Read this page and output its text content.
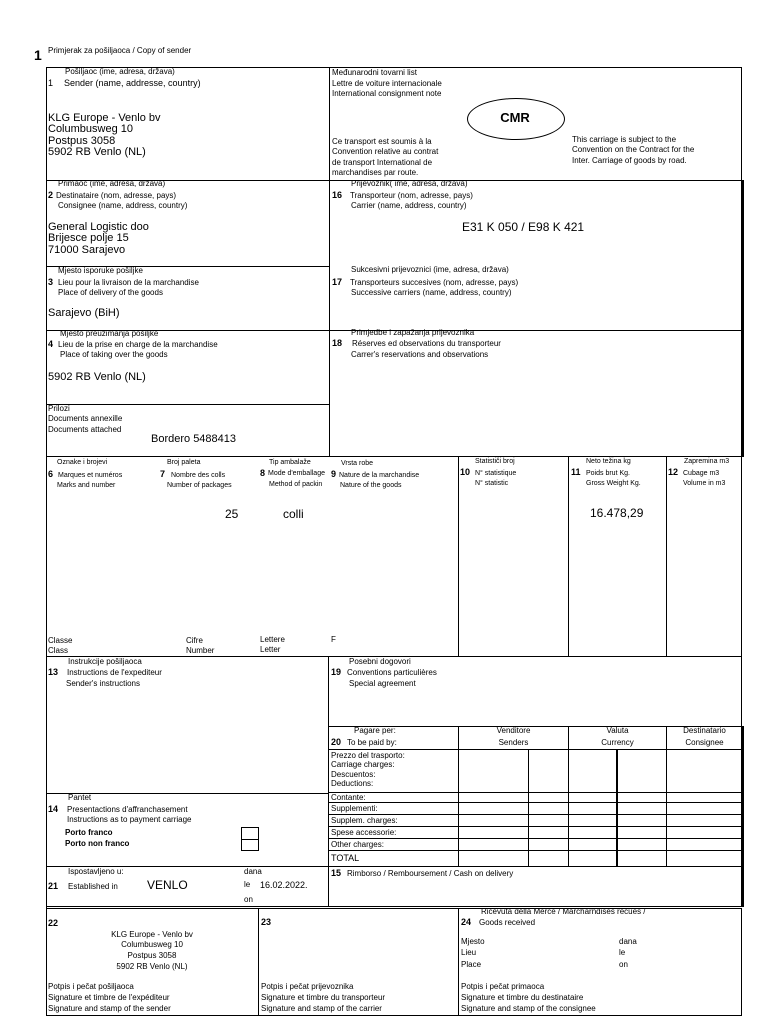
1 Primjerak za pošiljaoca / Copy of sender
Pošiljaoc (ime, adresa, država)
1 Sender (name, addresse, country)
KLG Europe - Venlo bv
Columbusweg 10
Postpus 3058
5902 RB Venlo (NL)
Međunarodni tovarni list
Lettre de voiture internacionale
International consignment note
CMR
Ce transport est soumis à la
Convention relative au contrat
de transport International de
marchandises par route.
This carriage is subject to the
Convention on the Contract for the
Inter. Carriage of goods by road.
Primaoc (ime, adresa, država)
2 Destinataire (nom, adresse, pays)
Consignee (name, address, country)
General Logistic doo
Brijesce polje 15
71000 Sarajevo
Prijevoznik( ime, adresa, država)
16 Transporteur (nom, adresse, pays)
Carrier (name, address, country)
E31 K 050 / E98 K 421
Mjesto isporuke pošiljke
3 Lieu pour la livraison de la marchandise
Place of delivery of the goods
Sarajevo (BiH)
Sukcesivni prijevoznici (ime, adresa, država)
17 Transporteurs succesives (nom, adresse, pays)
Successive carriers (name, address, country)
Mjesto preuzimanja pošiljke
4 Lieu de la prise en charge de la marchandise
Place of taking over the goods
5902 RB Venlo (NL)
Primjedbe i zapažanja prijevoznika
18 Réserves ed observations du transporteur
Carrer's reservations and observations
Prilozi
Documents annexille
Documents attached
Bordero 5488413
Oznake i brojevi
6 Marques et numéros
Marks and number
Broj paleta
7 Nombre des colls
Number of packages
Tip ambalaže
8 Mode d'emballage
Method of packin
Vrsta robe
9 Nature de la marchandise
Nature of the goods
Statističi broj
10 N° statistique
N° statistic
Neto težina kg
11 Poids brut Kg.
Gross Weight Kg.
Zapremina m3
12 Cubage m3
Volume in m3
25	colli	16.478,29
Classe
Class
Cifre
Number
Lettere
Letter
F
Instrukcije pošiljaoca
13 Instructions de l'expediteur
Sender's instructions
Posebni dogovori
19 Conventions particulières
Special agreement
Pagare per:
20 To be paid by:
Venditore
Senders
Valuta
Currency
Destinatario
Consignee
Prezzo del trasporto:
Carriage charges:
Descuentos:
Deductions:
Contante:
Supplementi:
Supplem. charges:
Spese accessorie:
Other charges:
TOTAL
Pantet
14 Presentactions d'affranchasement
Instructions as to payment carriage
Porto franco
Porto non franco
Ispostavljeno u:
21 Established in VENLO
dana
le
on
16.02.2022.
15 Rimborso / Remboursement / Cash on delivery
22
KLG Europe - Venlo bv
Columbusweg 10
Postpus 3058
5902 RB Venlo (NL)
Potpis i pečat pošiljaoca
Signature et timbre de l'expéditeur
Signature and stamp of the sender
23
Potpis i pečat prijevoznika
Signature et timbre du transporteur
Signature and stamp of the carrier
Ricevuta della Merce / Marcharndises recues /
24 Goods received
Mjesto
Lieu
Place
dana
le
on
Potpis i pečat primaoca
Signature et timbre du destinataire
Signature and stamp of the consignee
